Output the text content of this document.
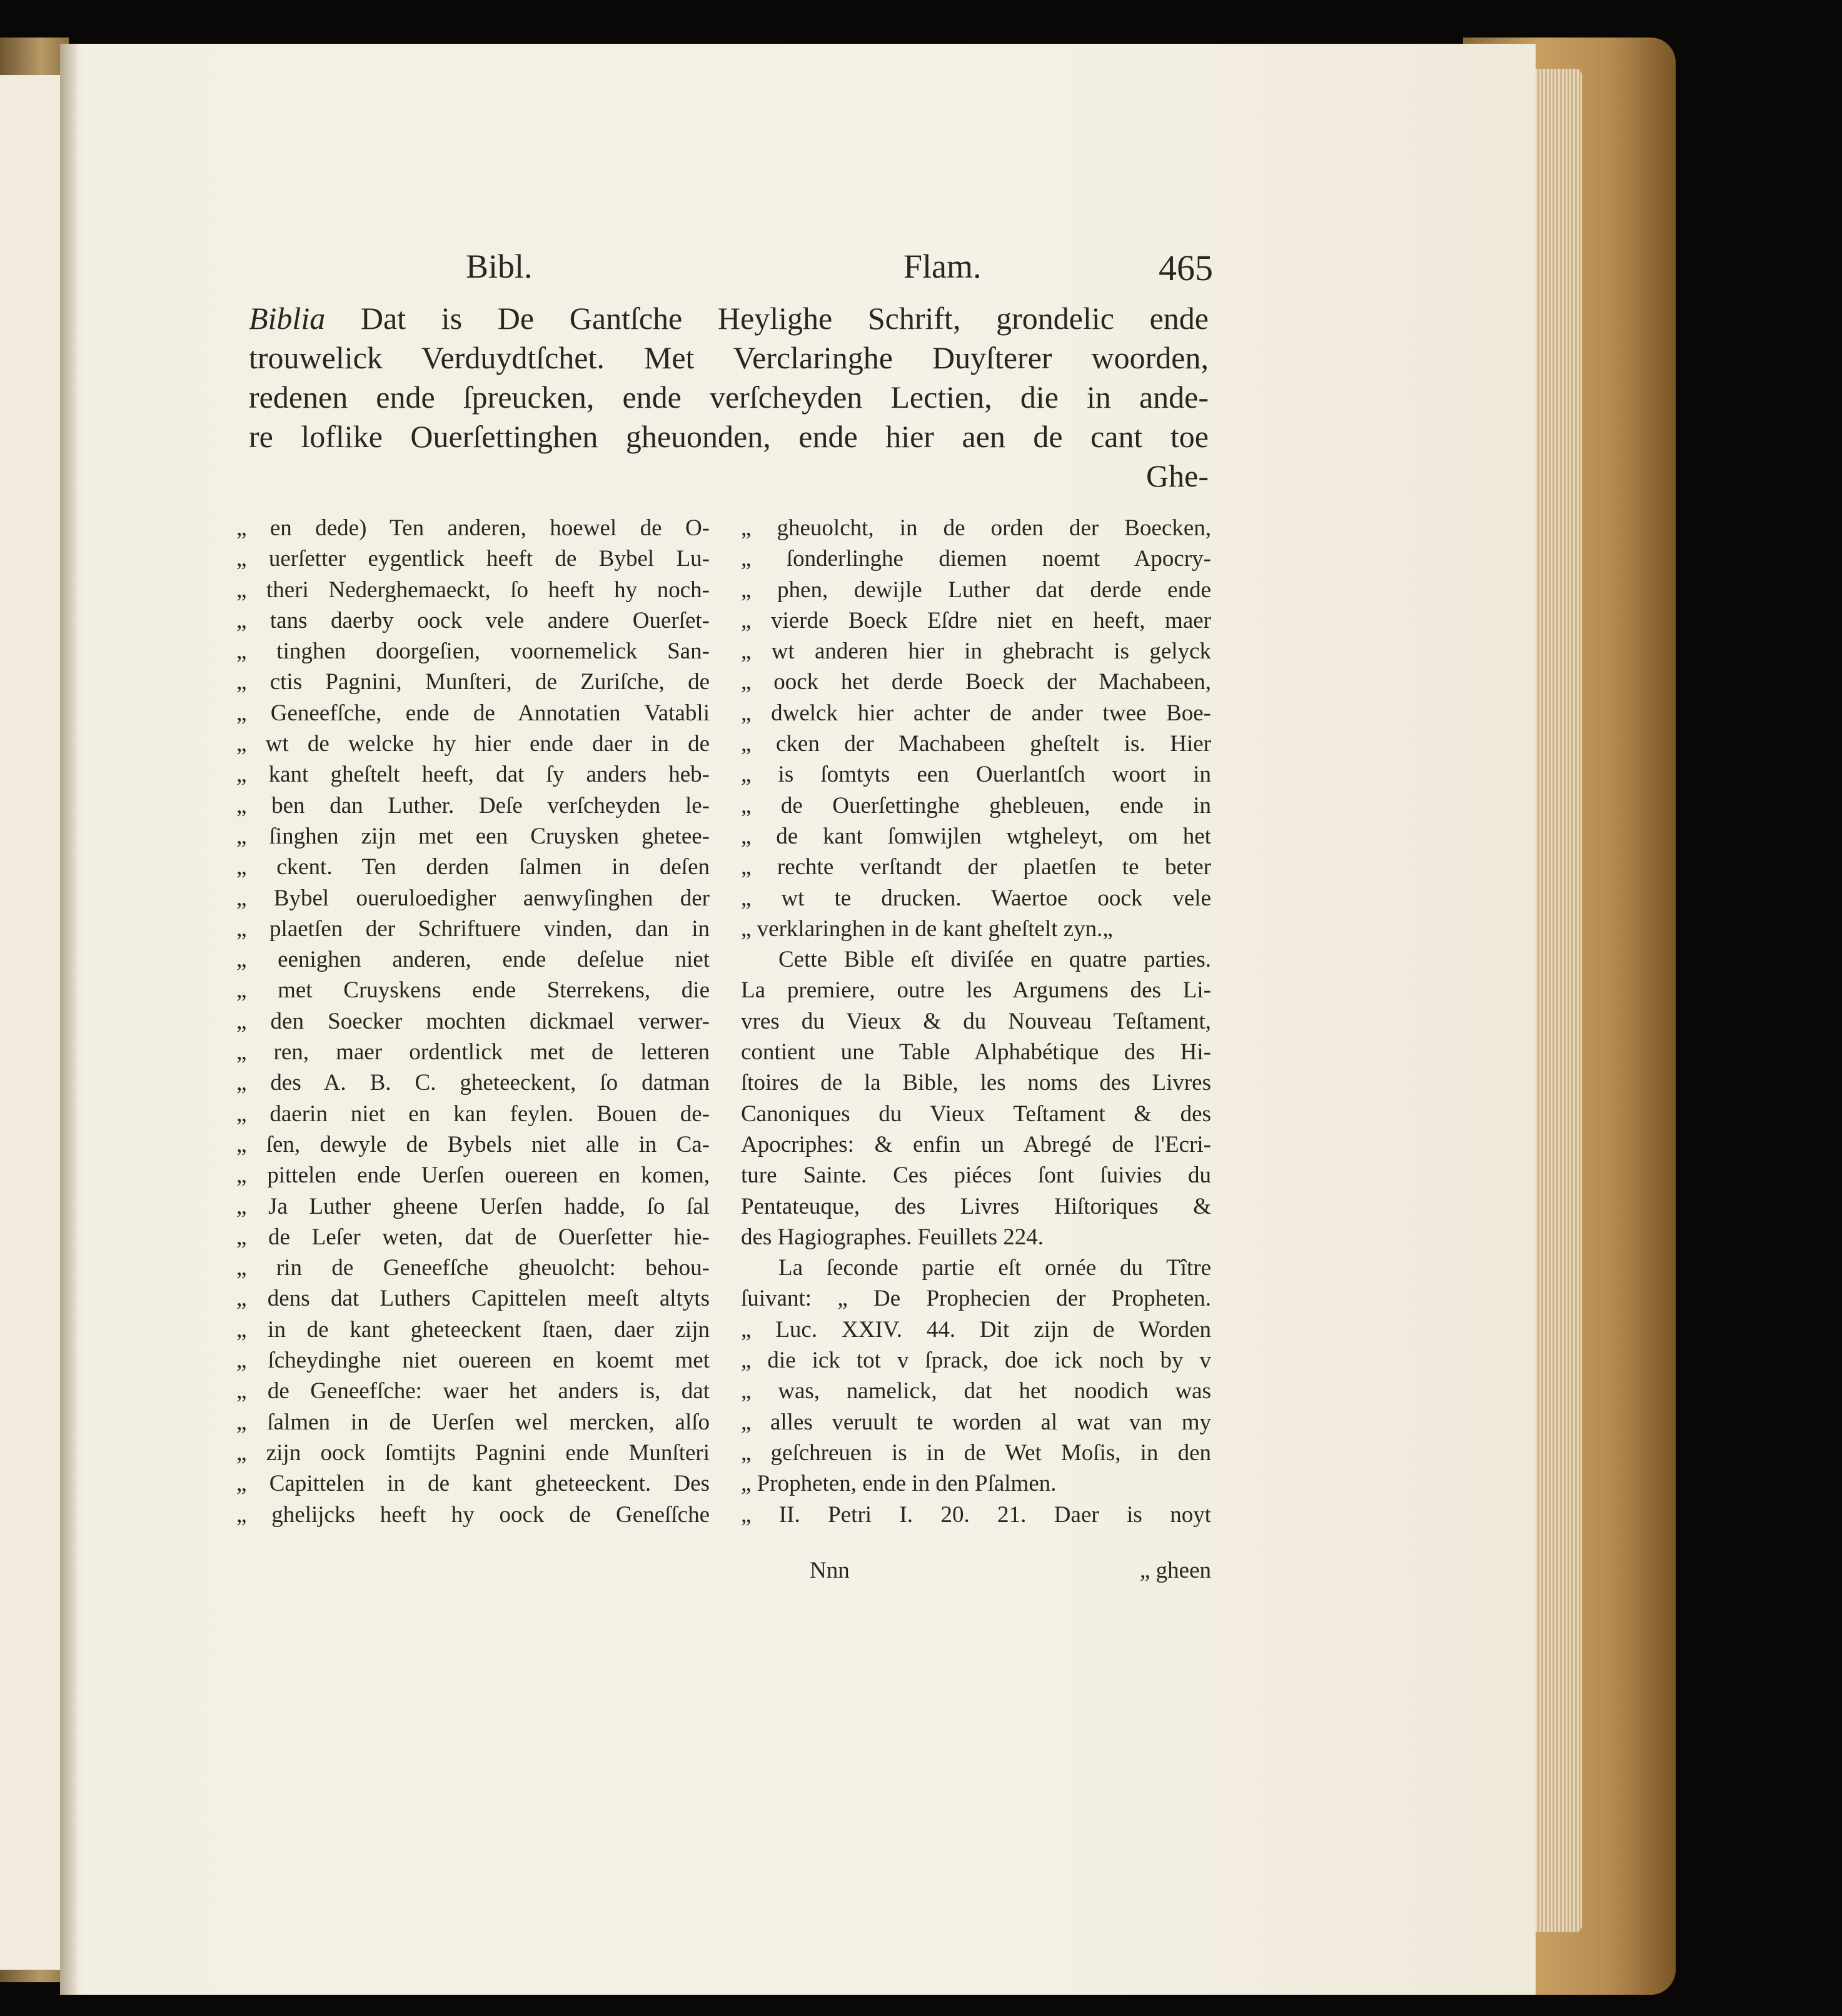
Bibl.	Flam.	465
Biblia Dat is De Gantſche Heylighe Schrift, grondelic ende
trouwelick Verduydtſchet. Met Verclaringhe Duyſterer woorden,
redenen ende ſpreucken, ende verſcheyden Lectien, die in ande-
re loflike Ouerſettinghen gheuonden, ende hier aen de cant toe
Ghe-
„ en dede) Ten anderen, hoewel de O-
„ uerſetter eygentlick heeft de Bybel Lu-
„ theri Nederghemaeckt, ſo heeft hy noch-
„ tans daerby oock vele andere Ouerſet-
„ tinghen doorgeſien, voornemelick San-
„ ctis Pagnini, Munſteri, de Zuriſche, de
„ Geneefſche, ende de Annotatien Vatabli
„ wt de welcke hy hier ende daer in de
„ kant gheſtelt heeft, dat ſy anders heb-
„ ben dan Luther. Deſe verſcheyden le-
„ ſinghen zijn met een Cruysken ghetee-
„ ckent. Ten derden ſalmen in deſen
„ Bybel oueruloedigher aenwyſinghen der
„ plaetſen der Schriftuere vinden, dan in
„ eenighen anderen, ende deſelue niet
„ met Cruyskens ende Sterrekens, die
„ den Soecker mochten dickmael verwer-
„ ren, maer ordentlick met de letteren
„ des A. B. C. gheteeckent, ſo datman
„ daerin niet en kan feylen. Bouen de-
„ ſen, dewyle de Bybels niet alle in Ca-
„ pittelen ende Uerſen ouereen en komen,
„ Ja Luther gheene Uerſen hadde, ſo ſal
„ de Leſer weten, dat de Ouerſetter hie-
„ rin de Geneefſche gheuolcht: behou-
„ dens dat Luthers Capittelen meeſt altyts
„ in de kant gheteeckent ſtaen, daer zijn
„ ſcheydinghe niet ouereen en koemt met
„ de Geneefſche: waer het anders is, dat
„ ſalmen in de Uerſen wel mercken, alſo
„ zijn oock ſomtijts Pagnini ende Munſteri
„ Capittelen in de kant gheteeckent. Des
„ ghelijcks heeft hy oock de Geneſſche
„ gheuolcht, in de orden der Boecken,
„ ſonderlinghe diemen noemt Apocry-
„ phen, dewijle Luther dat derde ende
„ vierde Boeck Eſdre niet en heeft, maer
„ wt anderen hier in ghebracht is gelyck
„ oock het derde Boeck der Machabeen,
„ dwelck hier achter de ander twee Boe-
„ cken der Machabeen gheſtelt is. Hier
„ is ſomtyts een Ouerlantſch woort in
„ de Ouerſettinghe ghebleuen, ende in
„ de kant ſomwijlen wtgheleyt, om het
„ rechte verſtandt der plaetſen te beter
„ wt te drucken. Waertoe oock vele
„ verklaringhen in de kant gheſtelt zyn.„
Cette Bible eſt diviſée en quatre parties.
La premiere, outre les Argumens des Li-
vres du Vieux & du Nouveau Teſtament,
contient une Table Alphabétique des Hi-
ſtoires de la Bible, les noms des Livres
Canoniques du Vieux Teſtament & des
Apocriphes: & enfin un Abregé de l'Ecri-
ture Sainte. Ces piéces ſont ſuivies du
Pentateuque, des Livres Hiſtoriques &
des Hagiographes. Feuillets 224.
La ſeconde partie eſt ornée du Tître
ſuivant: „ De Prophecien der Propheten.
„ Luc. XXIV. 44. Dit zijn de Worden
„ die ick tot v ſprack, doe ick noch by v
„ was, namelick, dat het noodich was
„ alles veruult te worden al wat van my
„ geſchreuen is in de Wet Moſis, in den
„ Propheten, ende in den Pſalmen.
„ II. Petri I. 20. 21. Daer is noyt
Nnn	„ gheen
